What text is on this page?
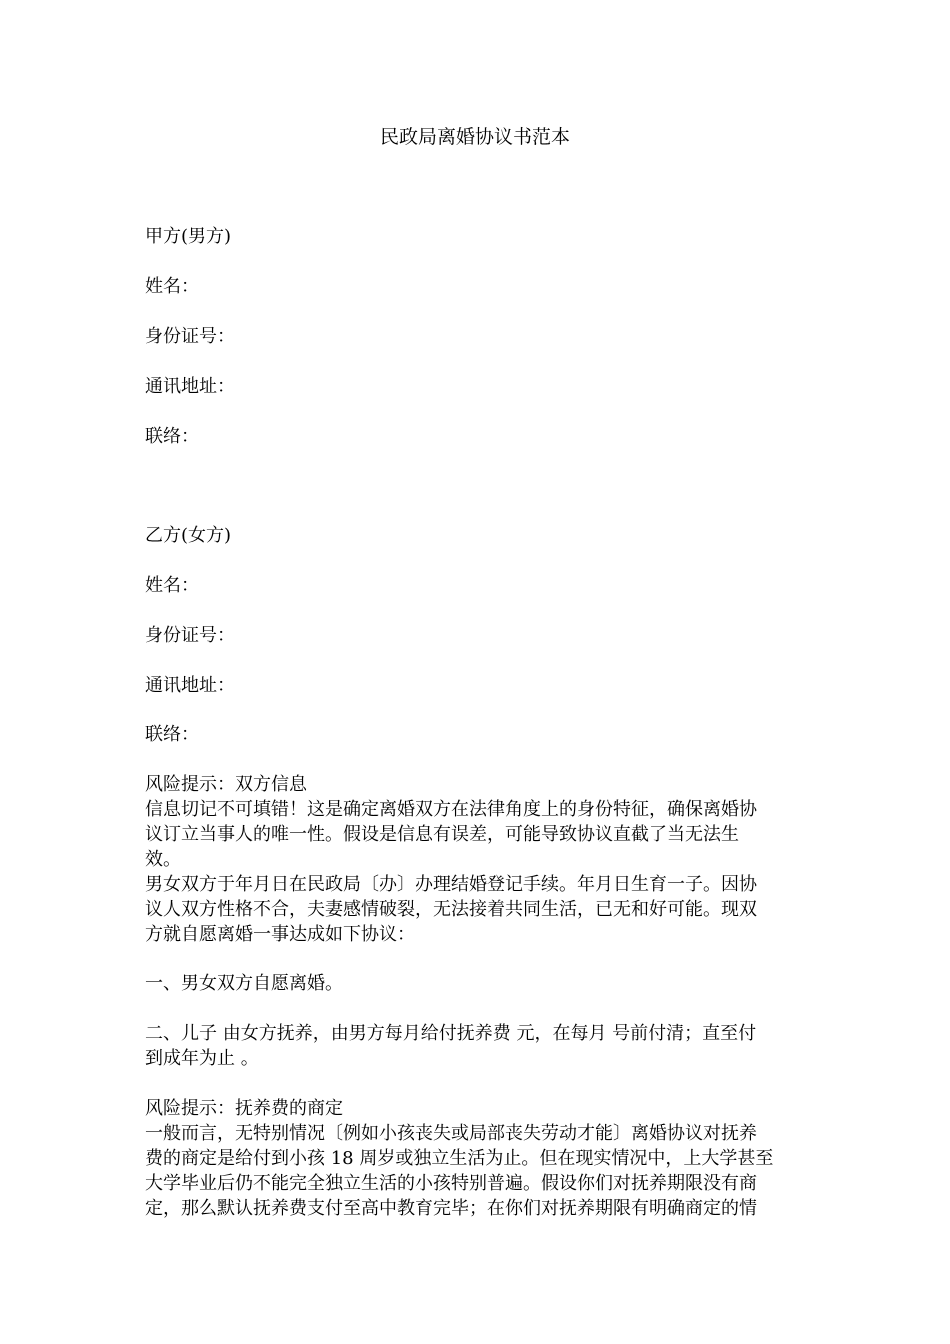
民政局离婚协议书范本
甲方(男方)
姓名：
身份证号：
通讯地址：
联络：
乙方(女方)
姓名：
身份证号：
通讯地址：
联络：
风险提示：双方信息
信息切记不可填错！这是确定离婚双方在法律角度上的身份特征，确保离婚协
议订立当事人的唯一性。假设是信息有误差，可能导致协议直截了当无法生
效。
男女双方于年月日在民政局〔办〕办理结婚登记手续。年月日生育一子。因协
议人双方性格不合，夫妻感情破裂，无法接着共同生活，已无和好可能。现双
方就自愿离婚一事达成如下协议：
一、男女双方自愿离婚。
二、儿子 由女方抚养，由男方每月给付抚养费 元，在每月 号前付清；直至付
到成年为止 。
风险提示：抚养费的商定
一般而言，无特别情况〔例如小孩丧失或局部丧失劳动才能〕离婚协议对抚养
费的商定是给付到小孩 18 周岁或独立生活为止。但在现实情况中，上大学甚至
大学毕业后仍不能完全独立生活的小孩特别普遍。假设你们对抚养期限没有商
定，那么默认抚养费支付至高中教育完毕；在你们对抚养期限有明确商定的情
